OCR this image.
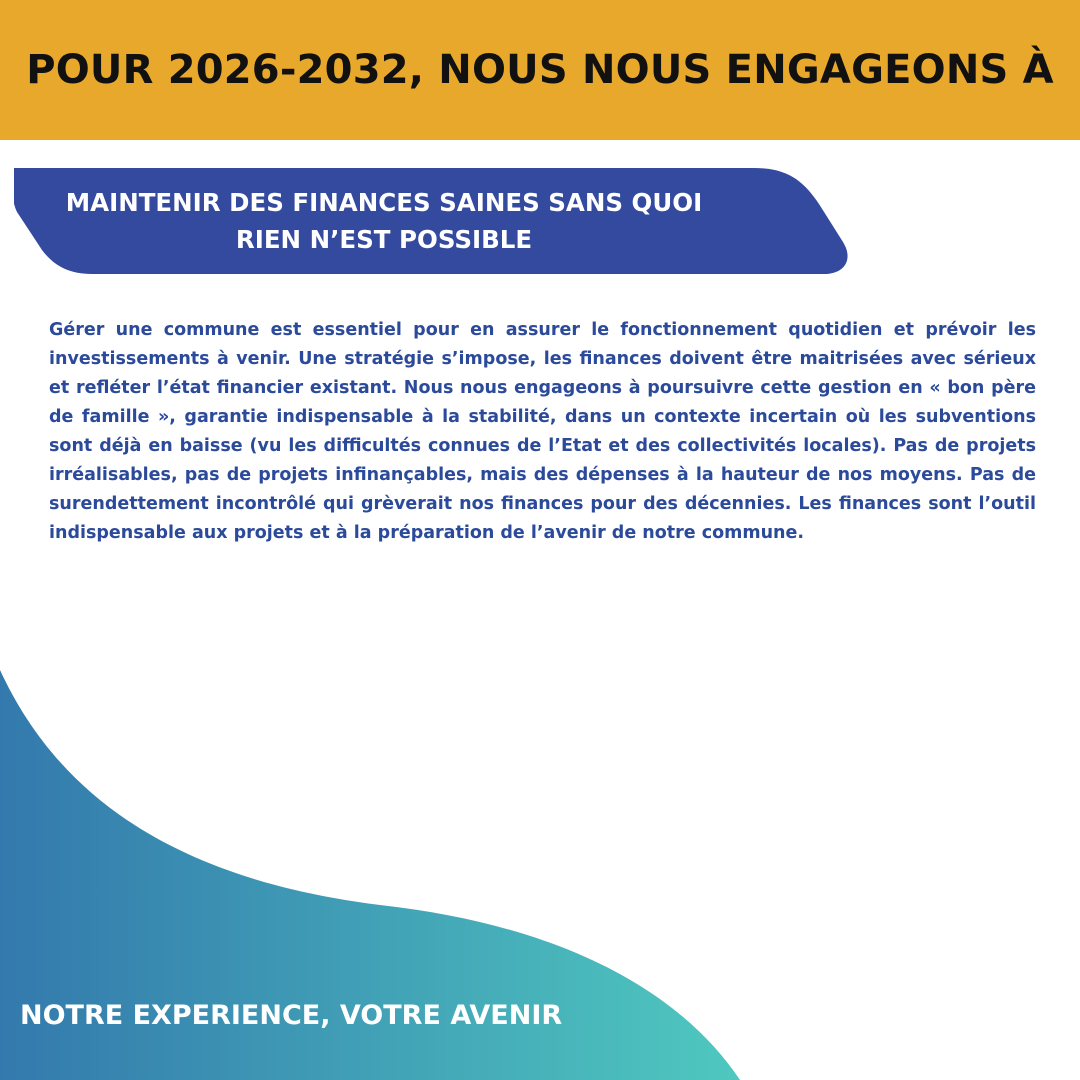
POUR 2026-2032, NOUS NOUS ENGAGEONS À
MAINTENIR DES FINANCES SAINES SANS QUOI
RIEN N’EST POSSIBLE

Gérer une commune est essentiel pour en assurer le fonctionnement quotidien et prévoir les investissements à venir. Une stratégie s’impose, les finances doivent être maitrisées avec sérieux et refléter l’état financier existant. Nous nous engageons à poursuivre cette gestion en « bon père de famille », garantie indispensable à la stabilité, dans un contexte incertain où les subventions sont déjà en baisse (vu les difficultés connues de l’Etat et des collectivités locales). Pas de projets irréalisables, pas de projets infinançables, mais des dépenses à la hauteur de nos moyens. Pas de surendettement incontrôlé qui grèverait nos finances pour des décennies. Les finances sont l’outil indispensable aux projets et à la préparation de l’avenir de notre commune.

NOTRE EXPERIENCE, VOTRE AVENIR
